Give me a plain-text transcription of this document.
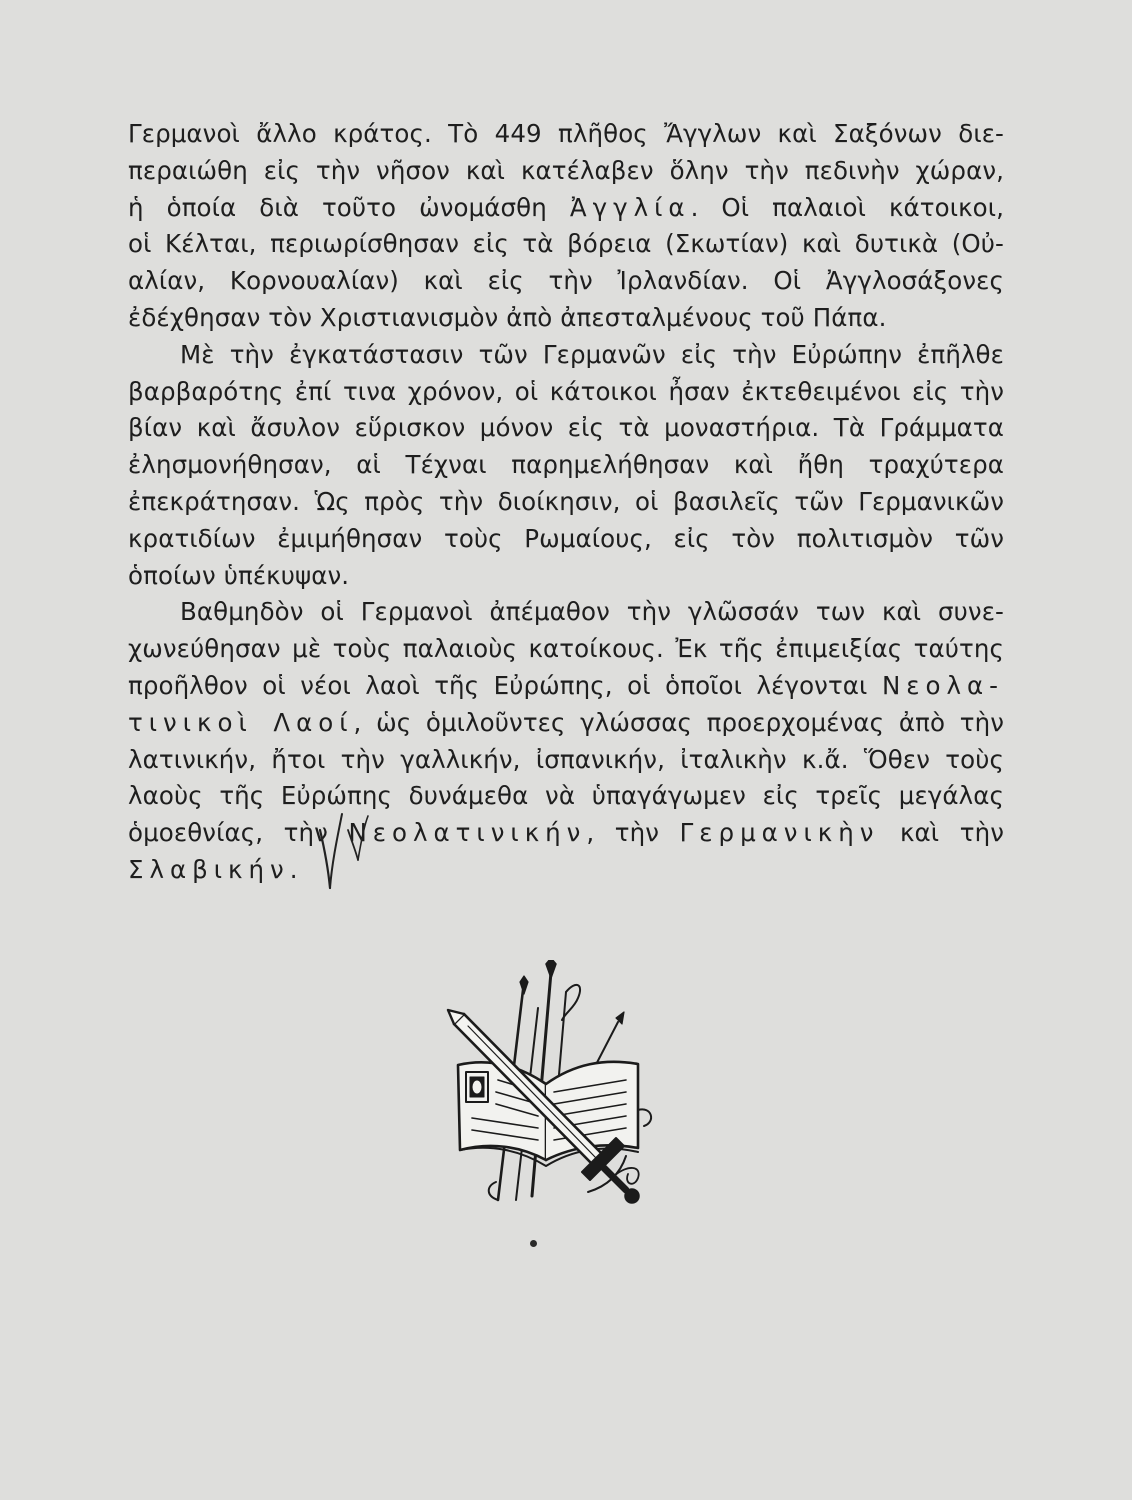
Γερμανοὶ ἄλλο κράτος. Τὸ 449 πλῆθος Ἄγγλων καὶ Σαξόνων διε-
περαιώθη εἰς τὴν νῆσον καὶ κατέλαβεν ὅλην τὴν πεδινὴν χώραν,
ἡ ὁποία διὰ τοῦτο ὠνομάσθη Ἀγγλία. Οἱ παλαιοὶ κάτοικοι,
οἱ Κέλται, περιωρίσθησαν εἰς τὰ βόρεια (Σκωτίαν) καὶ δυτικὰ (Οὐ-
αλίαν, Κορνουαλίαν) καὶ εἰς τὴν Ἰρλανδίαν. Οἱ Ἀγγλοσάξονες
ἐδέχθησαν τὸν Χριστιανισμὸν ἀπὸ ἀπεσταλμένους τοῦ Πάπα.
Μὲ τὴν ἐγκατάστασιν τῶν Γερμανῶν εἰς τὴν Εὐρώπην ἐπῆλθε
βαρβαρότης ἐπί τινα χρόνον, οἱ κάτοικοι ἦσαν ἐκτεθειμένοι εἰς τὴν
βίαν καὶ ἄσυλον εὕρισκον μόνον εἰς τὰ μοναστήρια. Τὰ Γράμματα
ἐλησμονήθησαν, αἱ Τέχναι παρημελήθησαν καὶ ἤθη τραχύτερα
ἐπεκράτησαν. Ὡς πρὸς τὴν διοίκησιν, οἱ βασιλεῖς τῶν Γερμανικῶν
κρατιδίων ἐμιμήθησαν τοὺς Ρωμαίους, εἰς τὸν πολιτισμὸν τῶν
ὁποίων ὑπέκυψαν.
Βαθμηδὸν οἱ Γερμανοὶ ἀπέμαθον τὴν γλῶσσάν των καὶ συνε-
χωνεύθησαν μὲ τοὺς παλαιοὺς κατοίκους. Ἐκ τῆς ἐπιμειξίας ταύτης
προῆλθον οἱ νέοι λαοὶ τῆς Εὐρώπης, οἱ ὁποῖοι λέγονται Νεολα-
τινικοὶ Λαοί, ὡς ὁμιλοῦντες γλώσσας προερχομένας ἀπὸ τὴν
λατινικήν, ἤτοι τὴν γαλλικήν, ἰσπανικήν, ἰταλικὴν κ.ἄ. Ὅθεν τοὺς
λαοὺς τῆς Εὐρώπης δυνάμεθα νὰ ὑπαγάγωμεν εἰς τρεῖς μεγάλας
ὁμοεθνίας, τὴν Νεολατινικήν, τὴν Γερμανικὴν καὶ τὴν
Σλαβικήν.
